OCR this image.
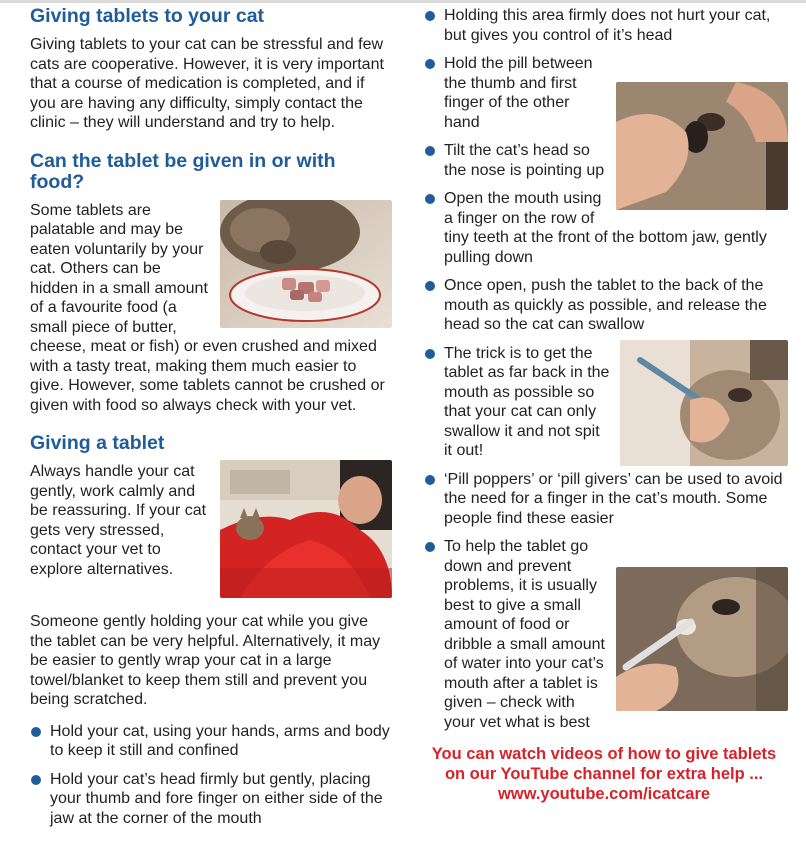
Giving tablets to your cat

Giving tablets to your cat can be stressful and few cats are cooperative. However, it is very important that a course of medication is completed, and if you are having any difficulty, simply contact the clinic – they will understand and try to help.

Can the tablet be given in or with food?

Some tablets are palatable and may be eaten voluntarily by your cat. Others can be hidden in a small amount of a favourite food (a small piece of butter, cheese, meat or fish) or even crushed and mixed with a tasty treat, making them much easier to give. However, some tablets cannot be crushed or given with food so always check with your vet.

Giving a tablet

Always handle your cat gently, work calmly and be reassuring. If your cat gets very stressed, contact your vet to explore alternatives.

Someone gently holding your cat while you give the tablet can be very helpful. Alternatively, it may be easier to gently wrap your cat in a large towel/blanket to keep them still and prevent you being scratched.

Hold your cat, using your hands, arms and body to keep it still and confined
Hold your cat’s head firmly but gently, placing your thumb and fore finger on either side of the jaw at the corner of the mouth
Holding this area firmly does not hurt your cat, but gives you control of it’s head
Hold the pill between the thumb and first finger of the other hand
Tilt the cat’s head so the nose is pointing up
Open the mouth using a finger on the row of tiny teeth at the front of the bottom jaw, gently pulling down
Once open, push the tablet to the back of the mouth as quickly as possible, and release the head so the cat can swallow
The trick is to get the tablet as far back in the mouth as possible so that your cat can only swallow it and not spit it out!
‘Pill poppers’ or ‘pill givers’ can be used to avoid the need for a finger in the cat’s mouth. Some people find these easier
To help the tablet go down and prevent problems, it is usually best to give a small amount of food or dribble a small amount of water into your cat’s mouth after a tablet is given – check with your vet what is best
You can watch videos of how to give tablets on our YouTube channel for extra help ... www.youtube.com/icatcare
